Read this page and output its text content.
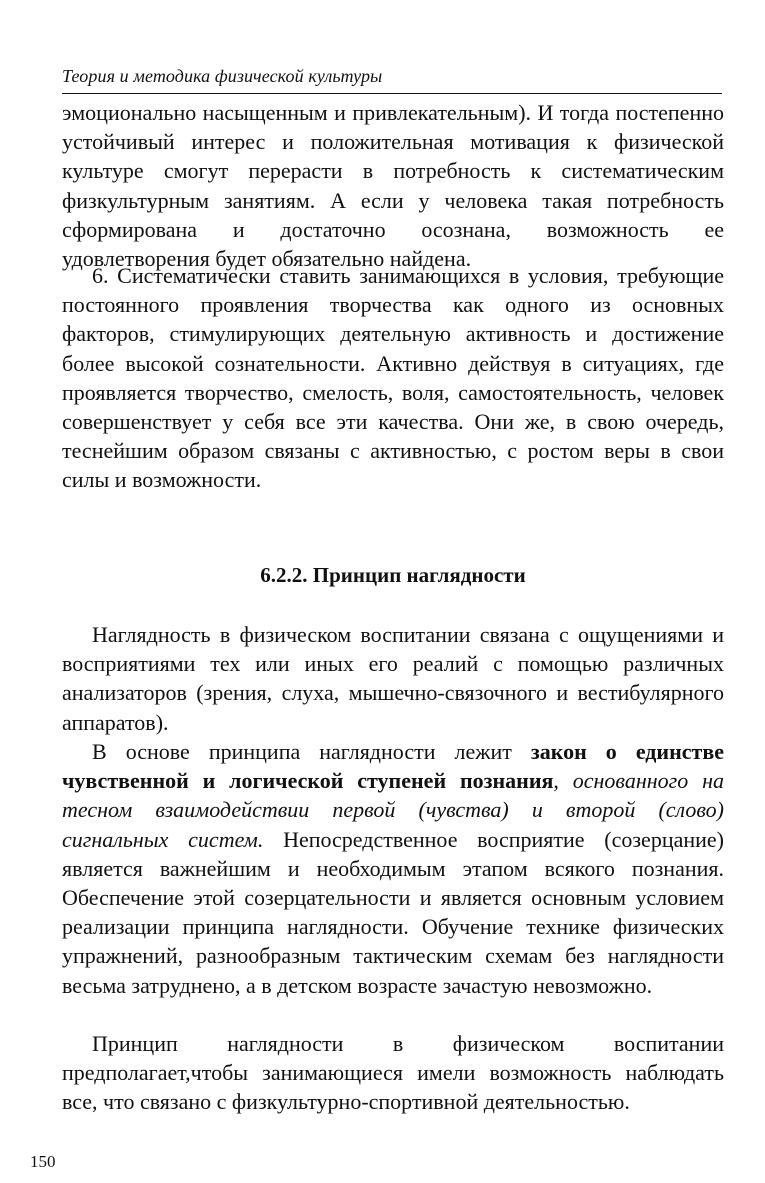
Теория и методика физической культуры

эмоционально насыщенным и привлекательным). И тогда постепенно устойчивый интерес и положительная мотивация к физической культуре смогут перерасти в потребность к систематическим физкультурным занятиям. А если у человека такая потребность сформирована и достаточно осознана, возможность ее удовлетворения будет обязательно найдена.

6. Систематически ставить занимающихся в условия, требующие постоянного проявления творчества как одного из основных факторов, стимулирующих деятельную активность и достижение более высокой сознательности. Активно действуя в ситуациях, где проявляется творчество, смелость, воля, самостоятельность, человек совершенствует у себя все эти качества. Они же, в свою очередь, теснейшим образом связаны с активностью, с ростом веры в свои силы и возможности.

6.2.2. Принцип наглядности

Наглядность в физическом воспитании связана с ощущениями и восприятиями тех или иных его реалий с помощью различных анализаторов (зрения, слуха, мышечно-связочного и вестибулярного аппаратов).

В основе принципа наглядности лежит закон о единстве чувственной и логической ступеней познания, основанного на тесном взаимодействии первой (чувства) и второй (слово) сигнальных систем. Непосредственное восприятие (созерцание) является важнейшим и необходимым этапом всякого познания. Обеспечение этой созерцательности и является основным условием реализации принципа наглядности. Обучение технике физических упражнений, разнообразным тактическим схемам без наглядности весьма затруднено, а в детском возрасте зачастую невозможно.

Принцип наглядности в физическом воспитании предполагает,чтобы занимающиеся имели возможность наблюдать все, что связано с физкультурно-спортивной деятельностью.

150
